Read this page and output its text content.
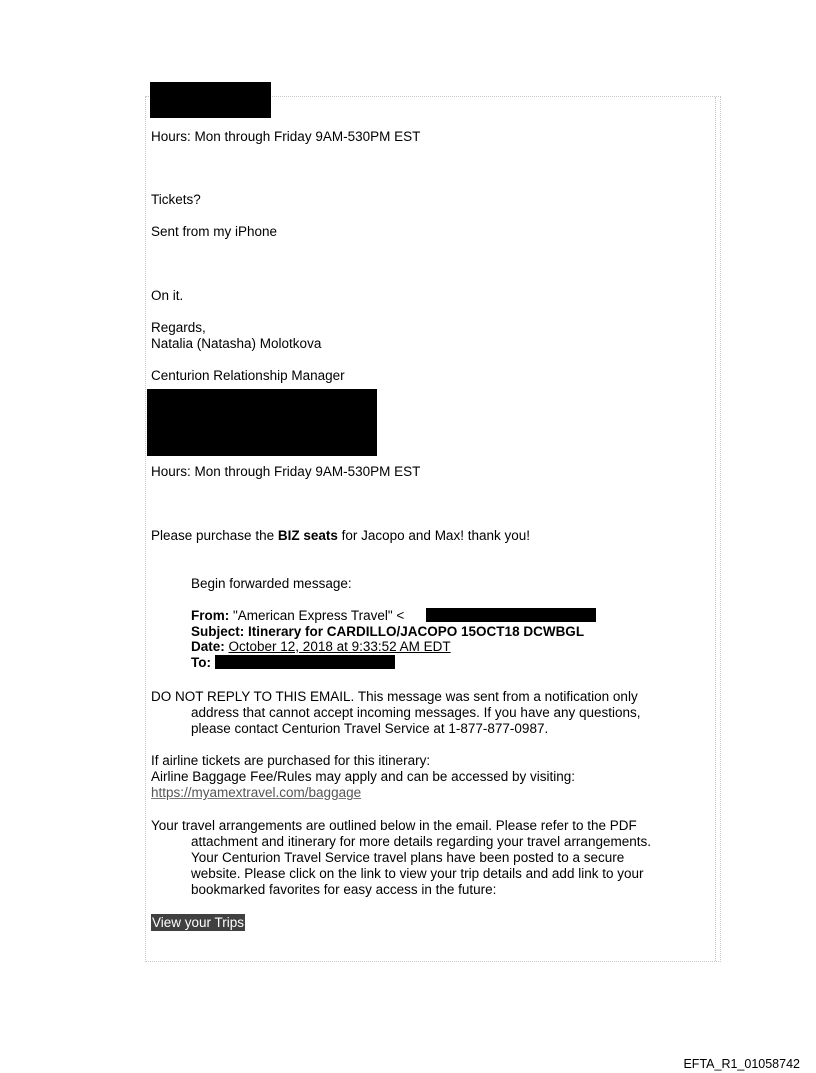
Hours: Mon through Friday 9AM-530PM EST
Tickets?
Sent from my iPhone
On it.
Regards,
Natalia (Natasha) Molotkova
Centurion Relationship Manager
Hours: Mon through Friday 9AM-530PM EST
Please purchase the BIZ seats for Jacopo and Max! thank you!
Begin forwarded message:
From: "American Express Travel" <
Subject: Itinerary for CARDILLO/JACOPO 15OCT18 DCWBGL
Date: October 12, 2018 at 9:33:52 AM EDT
To:
DO NOT REPLY TO THIS EMAIL. This message was sent from a notification only
address that cannot accept incoming messages. If you have any questions,
please contact Centurion Travel Service at 1-877-877-0987.
If airline tickets are purchased for this itinerary:
Airline Baggage Fee/Rules may apply and can be accessed by visiting:
https://myamextravel.com/baggage
Your travel arrangements are outlined below in the email. Please refer to the PDF
attachment and itinerary for more details regarding your travel arrangements.
Your Centurion Travel Service travel plans have been posted to a secure
website. Please click on the link to view your trip details and add link to your
bookmarked favorites for easy access in the future:
View your Trips
EFTA_R1_01058742
